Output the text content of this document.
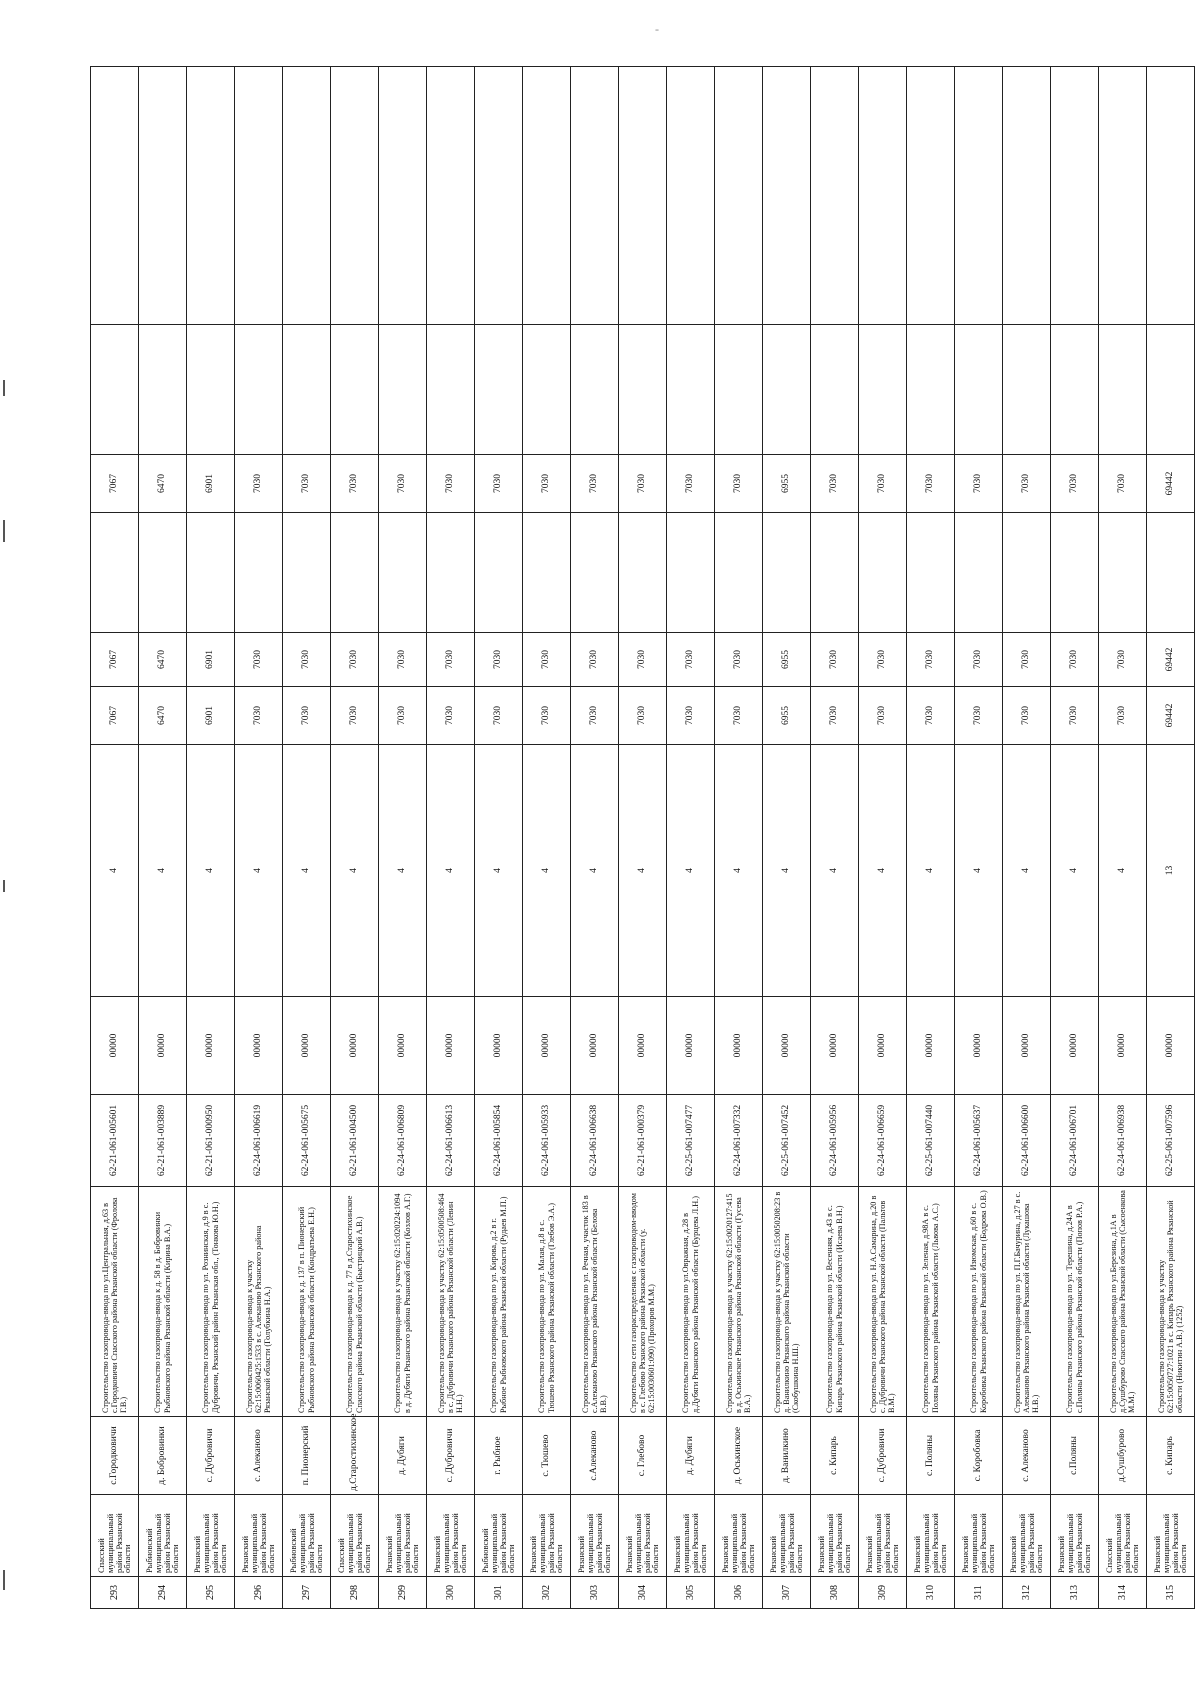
-
293	Спасский муниципальный район Рязанской области	с.Городковичи	Строительство газопровода-ввода по ул.Центральная, д.63 в с.Городковичи Спасского района Рязанской области (Фролова Г.В.)	62-21-061-005601	00000	4	7067	7067		7067		
294	Рыбновский муниципальный район Рязанской области	д. Бобровинки	Строительство газопровода-ввода к д. 58 в д. Бобровинки Рыбновского района Рязанской области (Кирина В.А.)	62-21-061-003889	00000	4	6470	6470		6470		
295	Рязанский муниципальный район Рязанской области	с. Дубровичи	Строительство газопровода-ввода по ул. Рознинская, д.9 в с. Дубровичи, Рязанский район Рязанская обл., (Тонкова Ю.Н.)	62-21-061-000950	00000	4	6901	6901		6901		
296	Рязанский муниципальный район Рязанской области	с. Алеканово	Строительство газопровода-ввода к участку 62:15:0060425:1533 в с. Алеканово Рязанского района Рязанской области (Голубкина Н.А.)	62-24-061-006619	00000	4	7030	7030		7030		
297	Рыбновский муниципальный район Рязанской области	п. Пионерский	Строительство газопровода-ввода к д. 137 в п. Пионерский Рыбновского района Рязанской области (Кондратьева Е.Н.)	62-24-061-005675	00000	4	7030	7030		7030		
298	Спасский муниципальный район Рязанской области	д.Старостихинское	Строительство газопровода-ввода к д. 77 в д.Старостихинское Спасского района Рязанской области (Быстрицкий А.В.)	62-21-061-004500	00000	4	7030	7030		7030		
299	Рязанский муниципальный район Рязанской области	д. Дубяги	Строительство газопровода-ввода к участку 62:15:020224:1094 в д. Дубяги Рязанского района Рязанской области (Козлов А.Г.)	62-24-061-006809	00000	4	7030	7030		7030		
300	Рязанский муниципальный район Рязанской области	с. Дубровичи	Строительство газопровода-ввода к участку 62:15:0500508:464 в с. Дубровичи Рязанского района Рязанской области (Левин Н.Н.)	62-24-061-006613	00000	4	7030	7030		7030		
301	Рыбновский муниципальный район Рязанской области	г. Рыбное	Строительство газопровода-ввода по ул. Кирова, д.2 в г. Рыбное Рыбновского района Рязанской области (Рудаев М.П.)	62-24-061-005854	00000	4	7030	7030		7030		
302	Рязанский муниципальный район Рязанской области	с. Тюшево	Строительство газопровода-ввода по ул. Малая, д.8 в с. Тюшево Рязанского района Рязанской области (Глебов Э.А.)	62-24-061-005933	00000	4	7030	7030		7030		
303	Рязанский муниципальный район Рязанской области	с.Алеканово	Строительство газопровода-ввода по ул. Речная, участок 183 в с.Алеканово Рязанского района Рязанской области (Белова В.В.)	62-24-061-006638	00000	4	7030	7030		7030		
304	Рязанский муниципальный район Рязанской области	с. Глебово	Строительство сети газораспределения с газопроводом-вводом в с. Глебово Рязанского района Рязанской области (у. 62:15:0030601:090) (Прохоров М.М.)	62-21-061-000379	00000	4	7030	7030		7030		
305	Рязанский муниципальный район Рязанской области	д. Дубяги	Строительство газопровода-ввода по ул.Овражная, д.28 в д.Дубяги Рязанского района Рязанской области (Бурцева Л.Н.)	62-25-061-007477	00000	4	7030	7030		7030		
306	Рязанский муниципальный район Рязанской области	д. Оськинское	Строительство газопровода-ввода к участку 62:15:0020127:415 в д. Оськинское Рязанского района Рязанской области (Гусева В.А.)	62-24-061-007332	00000	4	7030	7030		7030		
307	Рязанский муниципальный район Рязанской области	д. Ванилкино	Строительство газопровода-ввода к участку 62:15:0050208:23 в д. Ванилкино Рязанского района Рязанской области (Скобушкина Н.Ш.)	62-25-061-007452	00000	4	6955	6955		6955		
308	Рязанский муниципальный район Рязанской области	с. Кипарь	Строительство газопровода-ввода по ул. Весенняя, д.43 в с. Кипарь Рязанского района Рязанской области (Исаева В.Н.)	62-24-061-005956	00000	4	7030	7030		7030		
309	Рязанский муниципальный район Рязанской области	с. Дубровичи	Строительство газопровода-ввода по ул. Н.А.Самарина, д.20 в с. Дубровичи Рязанского района Рязанской области (Пальтов В.М.)	62-24-061-006659	00000	4	7030	7030		7030		
310	Рязанский муниципальный район Рязанской области	с. Поляны	Строительство газопровода-ввода по ул. Зеленая, д.98А в с. Поляны Рязанского района Рязанской области (Львова А.С.)	62-25-061-007440	00000	4	7030	7030		7030		
311	Рязанский муниципальный район Рязанской области	с. Коробовка	Строительство газопровода-ввода по ул. Изюмская, д.60 в с. Коробовка Рязанского района Рязанской области (Бодрова О.В.)	62-24-061-005637	00000	4	7030	7030		7030		
312	Рязанский муниципальный район Рязанской области	с. Алеканово	Строительство газопровода-ввода по ул. П.Г.Бачурина, д.27 в с. Алеканово Рязанского района Рязанской области (Лукашова Н.В.)	62-24-061-006600	00000	4	7030	7030		7030		
313	Рязанский муниципальный район Рязанской области	с.Поляны	Строительство газопровода-ввода по ул. Терешина, д.24А в с.Поляны Рязанского района Рязанской области (Попов Р.А.)	62-24-061-006701	00000	4	7030	7030		7030		
314	Спасский муниципальный район Рязанской области	д.Сушбурово	Строительство газопровода-ввода по ул.Березина, д.1А в д.Сушбурово Спасского района Рязанской области (Сысоенкова М.М.)	62-24-061-006938	00000	4	7030	7030		7030		
315	Рязанский муниципальный район Рязанской области	с. Кипарь	Строительство газопровода-ввода к участку 62:15:0050727:1021 в с. Кипарь Рязанского района Рязанской области (Никитин А.В.) (1252)	62-25-061-007596	00000	13	69442	69442		69442		
